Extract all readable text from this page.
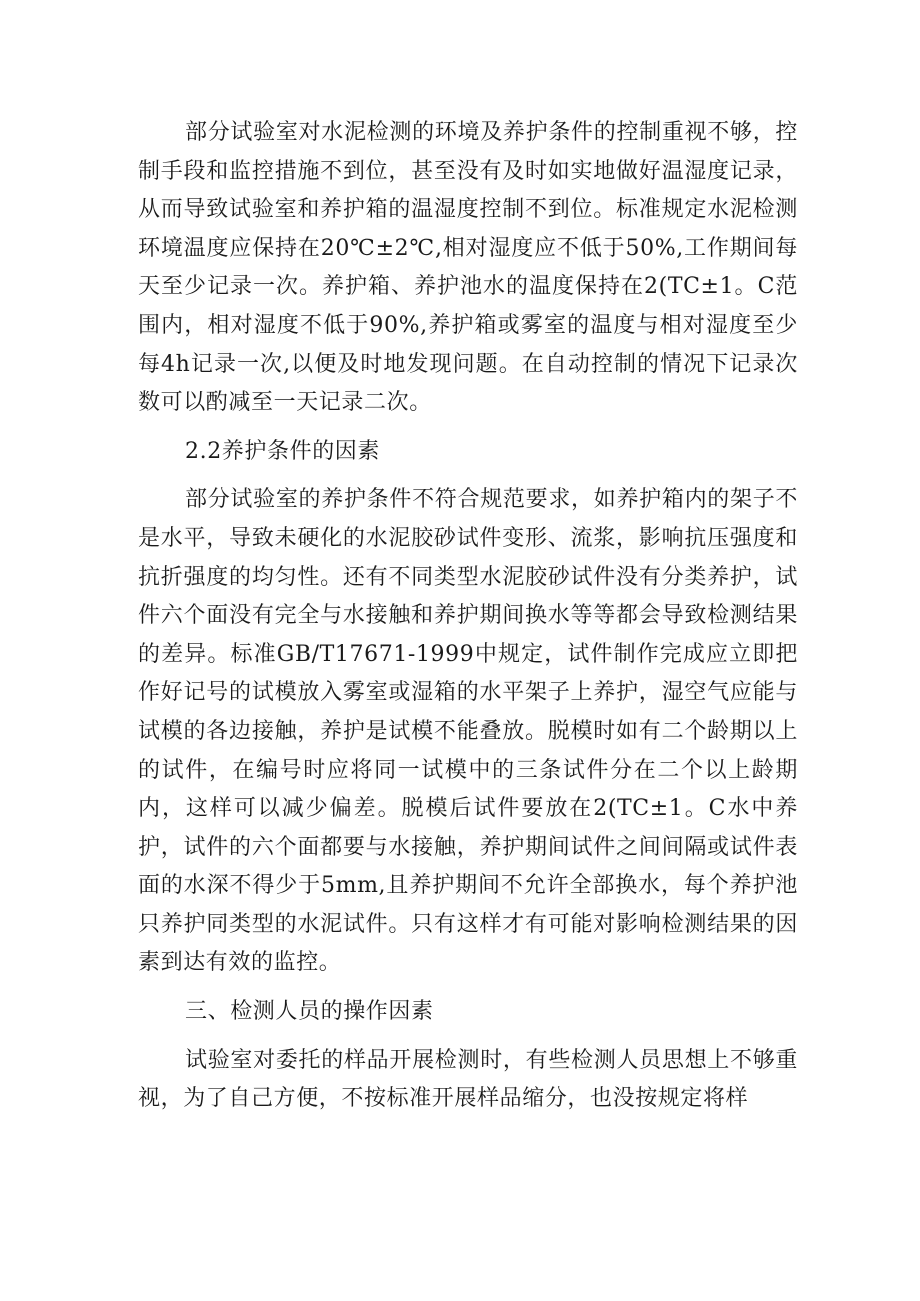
部分试验室对水泥检测的环境及养护条件的控制重视不够，控制手段和监控措施不到位，甚至没有及时如实地做好温湿度记录，从而导致试验室和养护箱的温湿度控制不到位。标准规定水泥检测环境温度应保持在20℃±2℃,相对湿度应不低于50%,工作期间每天至少记录一次。养护箱、养护池水的温度保持在2(TC±1。C范围内，相对湿度不低于90%,养护箱或雾室的温度与相对湿度至少每4h记录一次,以便及时地发现问题。在自动控制的情况下记录次数可以酌减至一天记录二次。

2.2养护条件的因素

部分试验室的养护条件不符合规范要求，如养护箱内的架子不是水平，导致未硬化的水泥胶砂试件变形、流浆，影响抗压强度和抗折强度的均匀性。还有不同类型水泥胶砂试件没有分类养护，试件六个面没有完全与水接触和养护期间换水等等都会导致检测结果的差异。标准GB/T17671-1999中规定，试件制作完成应立即把作好记号的试模放入雾室或湿箱的水平架子上养护，湿空气应能与试模的各边接触，养护是试模不能叠放。脱模时如有二个龄期以上的试件，在编号时应将同一试模中的三条试件分在二个以上龄期内，这样可以减少偏差。脱模后试件要放在2(TC±1。C水中养护，试件的六个面都要与水接触，养护期间试件之间间隔或试件表面的水深不得少于5mm,且养护期间不允许全部换水，每个养护池只养护同类型的水泥试件。只有这样才有可能对影响检测结果的因素到达有效的监控。

三、检测人员的操作因素

试验室对委托的样品开展检测时，有些检测人员思想上不够重视，为了自己方便，不按标准开展样品缩分，也没按规定将样
